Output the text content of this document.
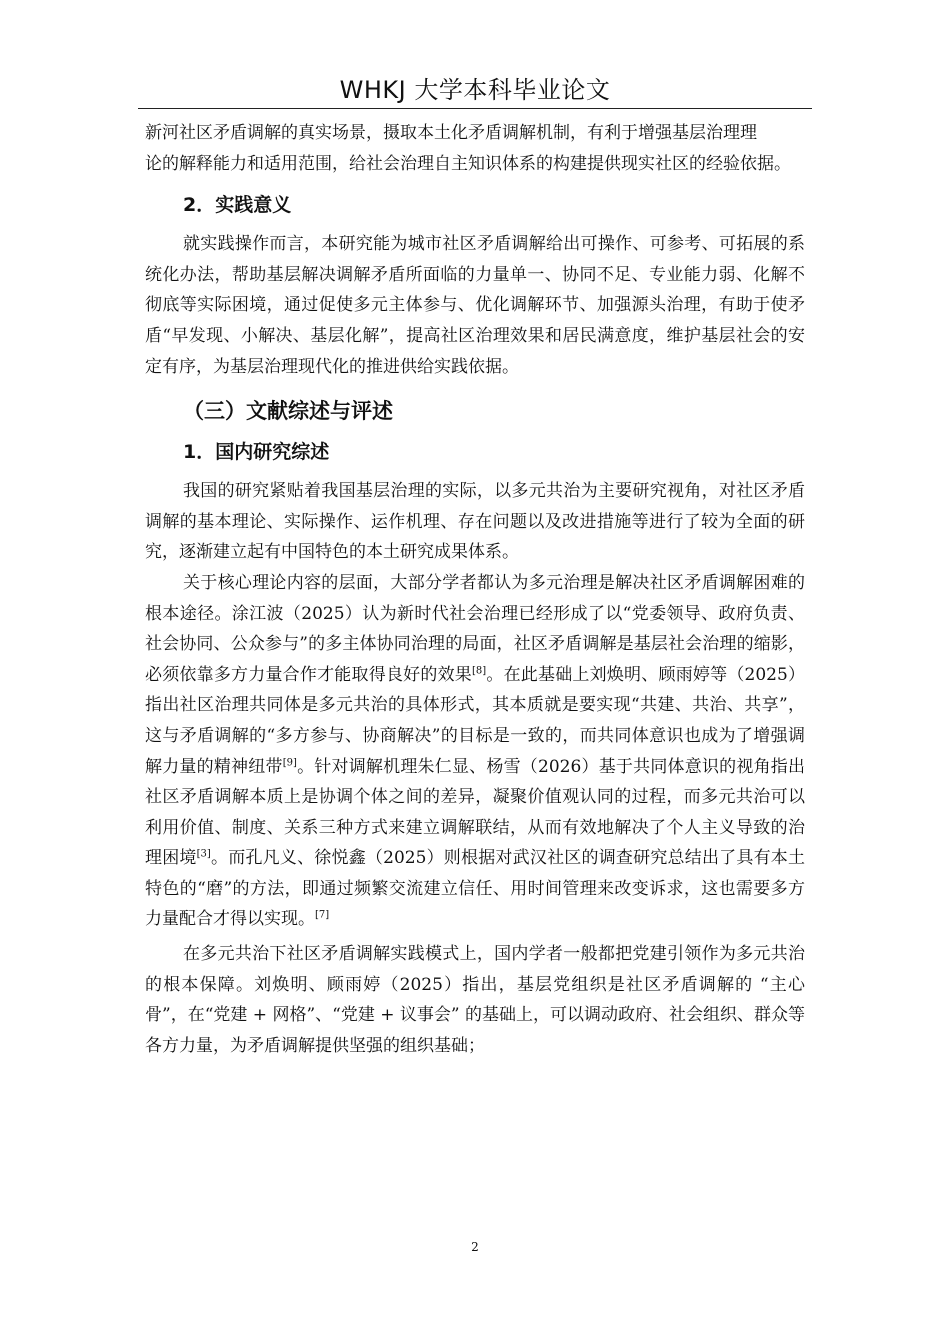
WHKJ 大学本科毕业论文

新河社区矛盾调解的真实场景，摄取本土化矛盾调解机制，有利于增强基层治理理

论的解释能力和适用范围，给社会治理自主知识体系的构建提供现实社区的经验依据。

2．实践意义

就实践操作而言，本研究能为城市社区矛盾调解给出可操作、可参考、可拓展的系统化办法，帮助基层解决调解矛盾所面临的力量单一、协同不足、专业能力弱、化解不彻底等实际困境，通过促使多元主体参与、优化调解环节、加强源头治理，有助于使矛盾“早发现、小解决、基层化解”，提高社区治理效果和居民满意度，维护基层社会的安定有序，为基层治理现代化的推进供给实践依据。

（三）文献综述与评述
1．国内研究综述

我国的研究紧贴着我国基层治理的实际，以多元共治为主要研究视角，对社区矛盾调解的基本理论、实际操作、运作机理、存在问题以及改进措施等进行了较为全面的研究，逐渐建立起有中国特色的本土研究成果体系。

关于核心理论内容的层面，大部分学者都认为多元治理是解决社区矛盾调解困难的根本途径。涂江波（2025）认为新时代社会治理已经形成了以“党委领导、政府负责、社会协同、公众参与”的多主体协同治理的局面，社区矛盾调解是基层社会治理的缩影，必须依靠多方力量合作才能取得良好的效果[8]。在此基础上刘焕明、顾雨婷等（2025）指出社区治理共同体是多元共治的具体形式，其本质就是要实现“共建、共治、共享”，这与矛盾调解的“多方参与、协商解决”的目标是一致的，而共同体意识也成为了增强调解力量的精神纽带[9]。针对调解机理朱仁显、杨雪（2026）基于共同体意识的视角指出社区矛盾调解本质上是协调个体之间的差异，凝聚价值观认同的过程，而多元共治可以利用价值、制度、关系三种方式来建立调解联结，从而有效地解决了个人主义导致的治理困境[3]。而孔凡义、徐悦鑫（2025）则根据对武汉社区的调查研究总结出了具有本土特色的“磨”的方法，即通过频繁交流建立信任、用时间管理来改变诉求，这也需要多方力量配合才得以实现。[7]

在多元共治下社区矛盾调解实践模式上，国内学者一般都把党建引领作为多元共治的根本保障。刘焕明、顾雨婷（2025）指出，基层党组织是社区矛盾调解的 “主心骨”，在“党建 + 网格”、“党建 + 议事会” 的基础上，可以调动政府、社会组织、群众等各方力量，为矛盾调解提供坚强的组织基础；

2
